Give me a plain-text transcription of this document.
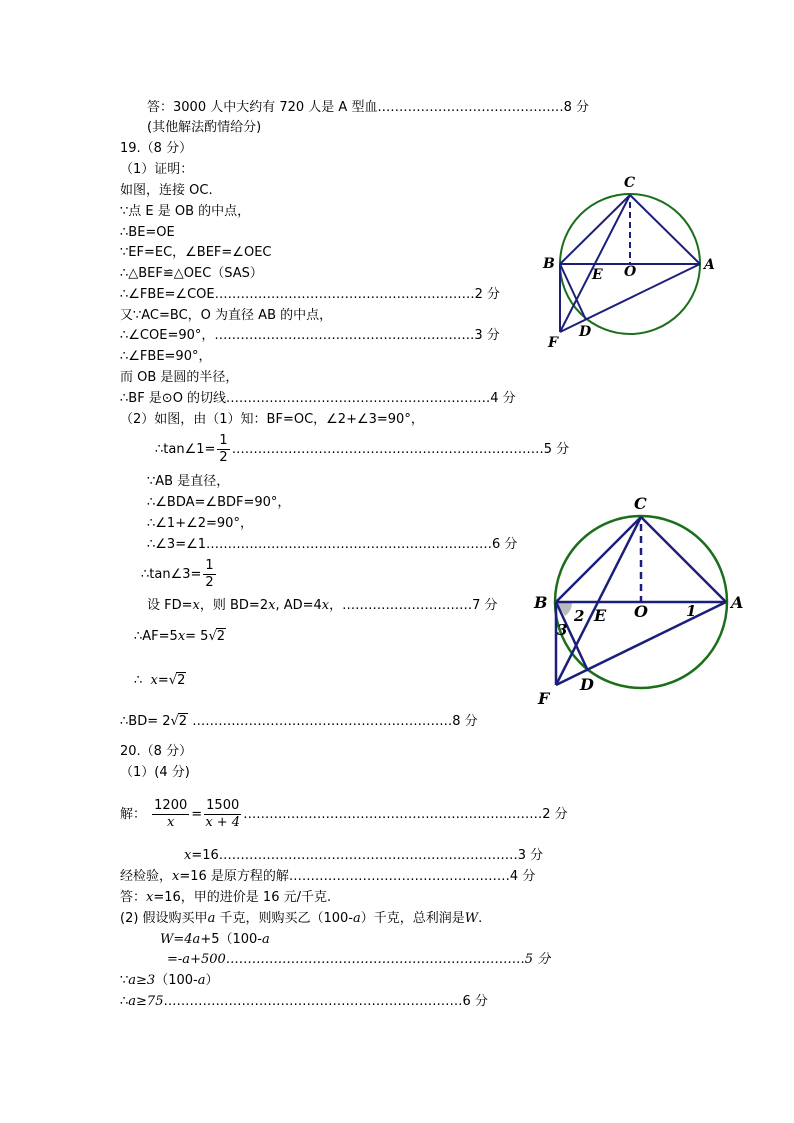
答：3000 人中大约有 720 人是 A 型血.……………………………………8 分
(其他解法酌情给分)
19.（8 分）
（1）证明：
如图，连接 OC.
∵点 E 是 OB 的中点，
∴BE=OE
∵EF=EC，∠BEF=∠OEC
∴△BEF≌△OEC（SAS）
∴∠FBE=∠COE……………………………………………………2 分
又∵AC=BC，O 为直径 AB 的中点，
∴∠COE=90°，……………………………………………………3 分
∴∠FBE=90°，
而 OB 是圆的半径，
∴BF 是⊙O 的切线.……………………………………………………4 分
（2）如图，由（1）知：BF=OC，∠2+∠3=90°，
∴tan∠1= $\frac{1}{2}$ ………………………………………………………………5 分
∵AB 是直径，
∴∠BDA=∠BDF=90°，
∴∠1+∠2=90°，
∴∠3=∠1…………………………………………………………6 分
∴tan∠3= $\frac{1}{2}$
设 FD=x，则 BD=2x, AD=4x，…………………………7 分
∴AF=5x= 5√2
∴ x=√2
∴BD= 2√2 ……………………………………………………8 分
20.（8 分）
（1）(4 分)
解： $\frac{1200}{x} = \frac{1500}{x + 4}$ ……………………………………………………………2 分
x=16……………………………………………………………3 分
经检验，x=16 是原方程的解……………………………………………4 分
答：x=16，甲的进价是 16 元/千克.
(2) 假设购买甲a 千克，则购买乙（100-a）千克，总利润是W.
W=4a+5（100-a
=-a+500……………………………………………………………5 分
∵a≥3（100-a）
∴a≥75……………………………………………………………6 分
C
B
E O	A
F
D
C
B
E O	A
F
D
1
2
3
